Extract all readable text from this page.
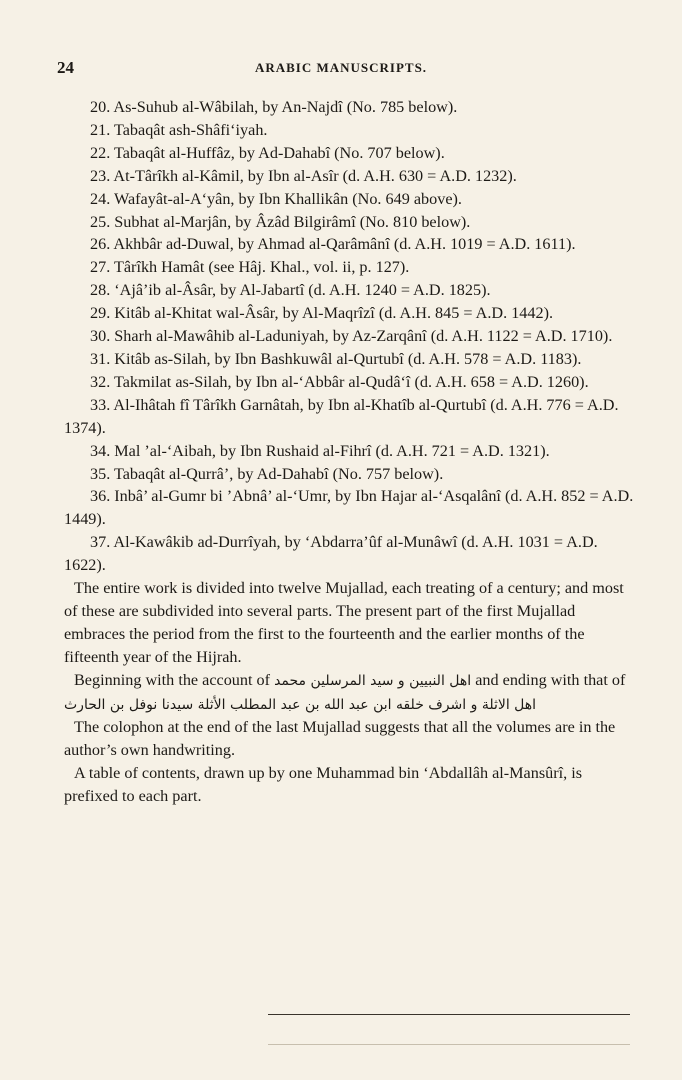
24	ARABIC MANUSCRIPTS.
20. As-Suhub al-Wâbilah, by An-Najdî (No. 785 below).
21. Tabaqât ash-Shâfi‘iyah.
22. Tabaqât al-Huffâz, by Ad-Dahabî (No. 707 below).
23. At-Târîkh al-Kâmil, by Ibn al-Asîr (d. A.H. 630 = A.D. 1232).
24. Wafayât-al-A‘yân, by Ibn Khallikân (No. 649 above).
25. Subhat al-Marjân, by Âzâd Bilgirâmî (No. 810 below).
26. Akhbâr ad-Duwal, by Ahmad al-Qarâmânî (d. A.H. 1019 = A.D. 1611).
27. Târîkh Hamât (see Hâj. Khal., vol. ii, p. 127).
28. ‘Ajâ’ib al-Âsâr, by Al-Jabartî (d. A.H. 1240 = A.D. 1825).
29. Kitâb al-Khitat wal-Âsâr, by Al-Maqrîzî (d. A.H. 845 = A.D. 1442).
30. Sharh al-Mawâhib al-Laduniyah, by Az-Zarqânî (d. A.H. 1122 = A.D. 1710).
31. Kitâb as-Silah, by Ibn Bashkuwâl al-Qurtubî (d. A.H. 578 = A.D. 1183).
32. Takmilat as-Silah, by Ibn al-‘Abbâr al-Qudâ‘î (d. A.H. 658 = A.D. 1260).
33. Al-Ihâtah fî Târîkh Garnâtah, by Ibn al-Khatîb al-Qurtubî (d. A.H. 776 = A.D. 1374).
34. Mal ’al-‘Aibah, by Ibn Rushaid al-Fihrî (d. A.H. 721 = A.D. 1321).
35. Tabaqât al-Qurrâ’, by Ad-Dahabî (No. 757 below).
36. Inbâ’ al-Gumr bi ’Abnâ’ al-‘Umr, by Ibn Hajar al-‘Asqalânî (d. A.H. 852 = A.D. 1449).
37. Al-Kawâkib ad-Durrîyah, by ‘Abdarra’ûf al-Munâwî (d. A.H. 1031 = A.D. 1622).
The entire work is divided into twelve Mujallad, each treating of a century; and most of these are subdivided into several parts. The present part of the first Mujallad embraces the period from the first to the fourteenth and the earlier months of the fifteenth year of the Hijrah.
Beginning with the account of اهل النبيين و سيد المرسلين محمد and ending with that of اهل الاثلة و اشرف خلقه ابن عبد الله بن عبد المطلب الأثلة سيدنا نوفل بن الحارث
The colophon at the end of the last Mujallad suggests that all the volumes are in the author’s own handwriting.
A table of contents, drawn up by one Muhammad bin ‘Abdallâh al-Mansûrî, is prefixed to each part.
